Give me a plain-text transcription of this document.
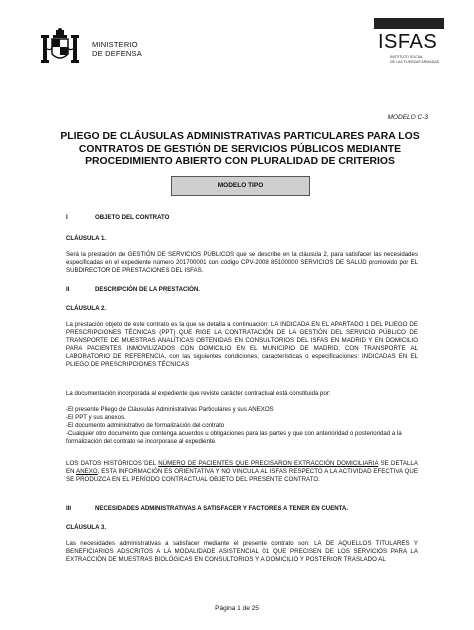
MINISTERIO
DE DEFENSA
ISFAS
INSTITUTO SOCIAL
DE LAS FUERZAS ARMADAS
MODELO C-3
PLIEGO DE CLÁUSULAS ADMINISTRATIVAS PARTICULARES PARA LOS
CONTRATOS DE GESTIÓN DE SERVICIOS PÚBLICOS MEDIANTE
PROCEDIMIENTO ABIERTO CON PLURALIDAD DE CRITERIOS
MODELO TIPO
I	OBJETO DEL CONTRATO
CLÁUSULA 1.
Será la prestación de GESTIÓN DE SERVICIOS PÚBLICOS que se describe en la cláusula 2, para satisfacer las necesidades especificadas en el expediente número 201700001 con código CPV-2008 85100000 SERVICIOS DE SALUD promovido por EL SUBDIRECTOR DE PRESTACIONES DEL ISFAS.
II	DESCRIPCIÓN DE LA PRESTACIÓN.
CLÁUSULA 2.
La prestación objeto de este contrato es la que se detalla a continuación: LA INDICADA EN EL APARTADO 1 DEL PLIEGO DE PRESCRIPCIONES TÉCNICAS (PPT) QUE RIGE LA CONTRATACIÓN DE LA GESTIÓN DEL SERVICIO PÚBLICO DE TRANSPORTE DE MUESTRAS ANALÍTICAS OBTENIDAS EN CONSULTORIOS DEL ISFAS EN MADRID Y EN DOMICILIO PARA PACIENTES INMOVILIZADOS CON DOMICILIO EN EL MUNICIPIO DE MADRID, CON TRANSPORTE AL LABORATORIO DE REFERENCIA, con las siguientes condiciones, características o especificaciones: INDICADAS EN EL PLIEGO DE PRESCRIPCIONES TÉCNICAS
La documentación incorporada al expediente que reviste carácter contractual está constituida por:
-El presente Pliego de Cláusulas Administrativas Particulares y sus ANEXOS
-El PPT y sus anexos.
-El documento administrativo de formalización del contrato
-Cualquier otro documento que contenga acuerdos u obligaciones para las partes y que con anterioridad o posterioridad a la formalización del contrato se incorporase al expediente.
LOS DATOS HISTÓRICOS DEL NÚMERO DE PACIENTES QUE PRECISARON EXTRACCIÓN DOMICILIARIA SE DETALLA EN ANEXO, ESTA INFORMACIÓN ES ORIENTATIVA Y NO VINCULA AL ISFAS RESPECTO A LA ACTIVIDAD EFECTIVA QUE SE PRODUZCA EN EL PERÍODO CONTRACTUAL OBJETO DEL PRESENTE CONTRATO.
III	NECESIDADES ADMINISTRATIVAS A SATISFACER Y FACTORES A TENER EN CUENTA.
CLÁUSULA 3.
Las necesidades administrativas a satisfacer mediante el presente contrato son: LA DE AQUELLOS TITULARES Y BENEFICIARIOS ADSCRITOS A LA MODALIDADE ASISTENCIAL 01 QUE PRECISEN DE LOS SERVICIOS PARA LA EXTRACCIÓN DE MUESTRAS BIOLÓGICAS EN CONSULTORIOS Y A DOMICILIO Y POSTERIOR TRASLADO AL
Página 1 de 25
